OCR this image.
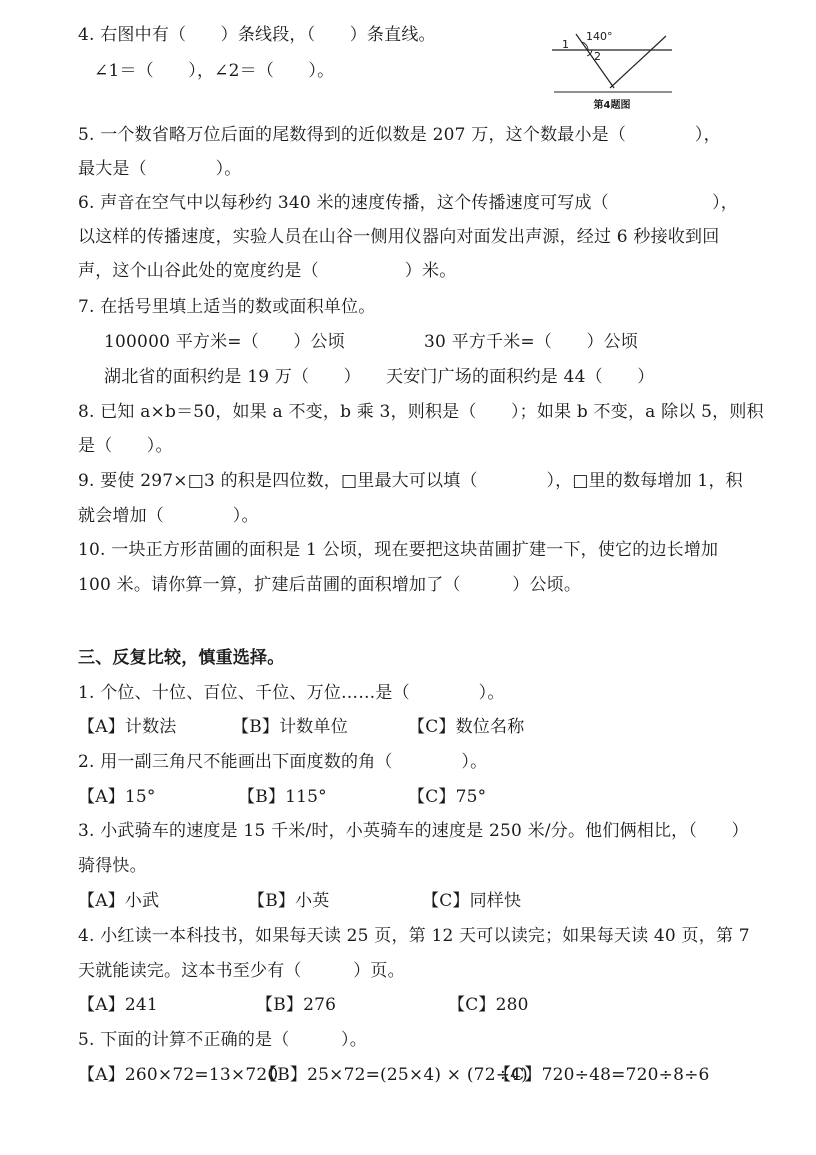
4. 右图中有（　　）条线段，（　　）条直线。
∠1＝（　　），∠2＝（　　）。
140°
1
2
第4题图
5. 一个数省略万位后面的尾数得到的近似数是 207 万，这个数最小是（　　　　），
最大是（　　　　）。
6. 声音在空气中以每秒约 340 米的速度传播，这个传播速度可写成（　　　　　　），
以这样的传播速度，实验人员在山谷一侧用仪器向对面发出声源，经过 6 秒接收到回
声，这个山谷此处的宽度约是（　　　　　）米。
7. 在括号里填上适当的数或面积单位。
100000 平方米=（　　）公顷	30 平方千米=（　　）公顷
湖北省的面积约是 19 万（　　） 天安门广场的面积约是 44（　　）
8. 已知 a×b＝50，如果 a 不变，b 乘 3，则积是（　　）；如果 b 不变，a 除以 5，则积
是（　　）。
9. 要使 297×□3 的积是四位数，□里最大可以填（　　　　），□里的数每增加 1，积
就会增加（　　　　）。
10. 一块正方形苗圃的面积是 1 公顷，现在要把这块苗圃扩建一下，使它的边长增加
100 米。请你算一算，扩建后苗圃的面积增加了（　　　）公顷。
三、反复比较，慎重选择。
1. 个位、十位、百位、千位、万位……是（　　　　）。
【A】计数法	【B】计数单位	【C】数位名称
2. 用一副三角尺不能画出下面度数的角（　　　　）。
【A】15°	【B】115°	【C】75°
3. 小武骑车的速度是 15 千米/时，小英骑车的速度是 250 米/分。他们俩相比，（　　）
骑得快。
【A】小武	【B】小英	【C】同样快
4. 小红读一本科技书，如果每天读 25 页，第 12 天可以读完；如果每天读 40 页，第 7
天就能读完。这本书至少有（　　　）页。
【A】241	【B】276	【C】280
5. 下面的计算不正确的是（　　　）。
【A】260×72=13×720
【B】25×72=(25×4) × (72÷4)
【C】720÷48=720÷8÷6
